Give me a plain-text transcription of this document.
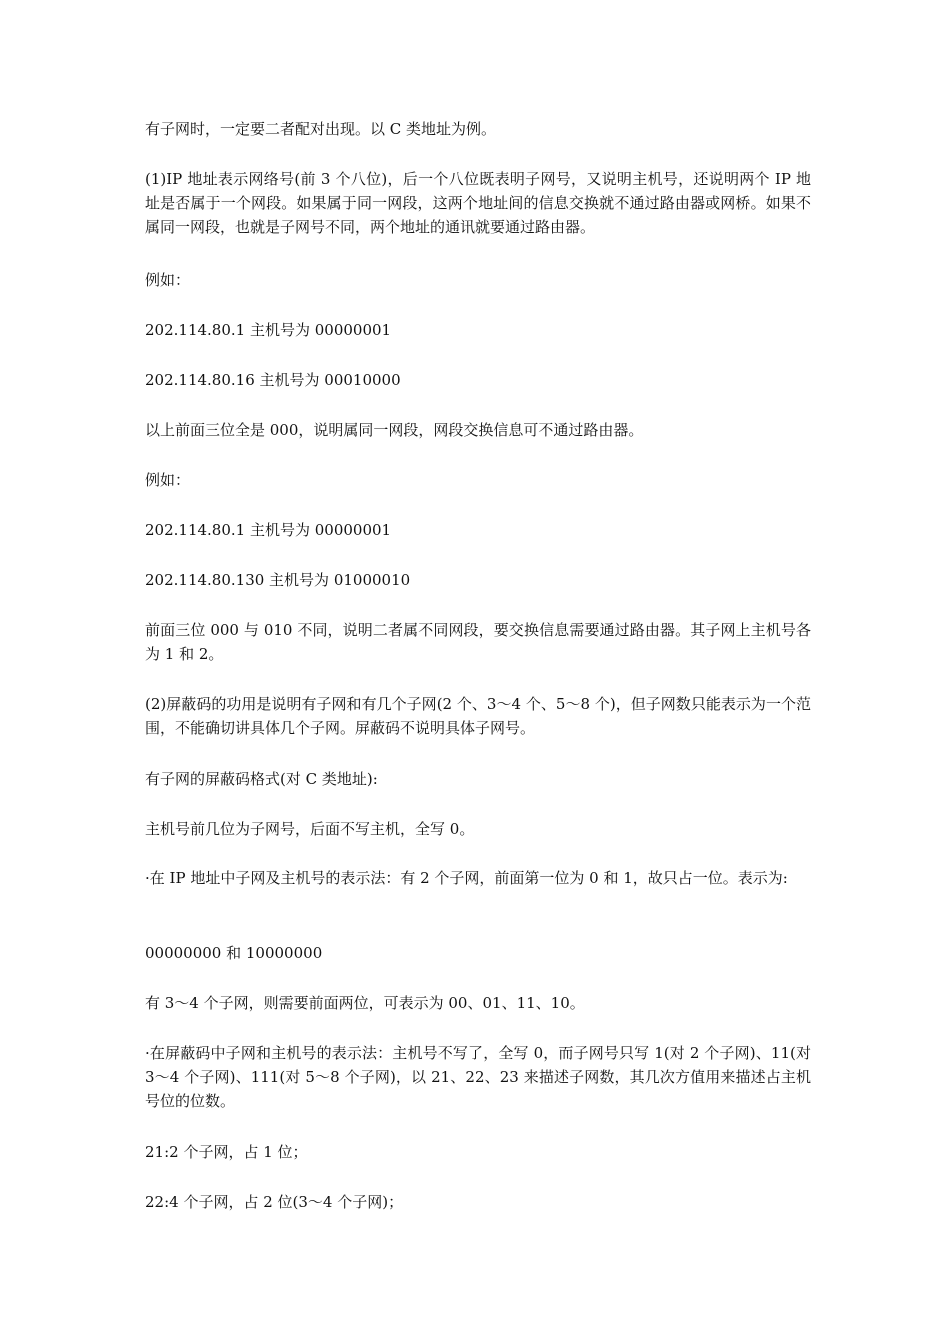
有子网时，一定要二者配对出现。以 C 类地址为例。

(1)IP 地址表示网络号(前 3 个八位)，后一个八位既表明子网号，又说明主机号，还说明两个 IP 地址是否属于一个网段。如果属于同一网段，这两个地址间的信息交换就不通过路由器或网桥。如果不属同一网段，也就是子网号不同，两个地址的通讯就要通过路由器。

例如：

202.114.80.1 主机号为 00000001

202.114.80.16 主机号为 00010000

以上前面三位全是 000，说明属同一网段，网段交换信息可不通过路由器。

例如：

202.114.80.1 主机号为 00000001

202.114.80.130 主机号为 01000010

前面三位 000 与 010 不同，说明二者属不同网段，要交换信息需要通过路由器。其子网上主机号各为 1 和 2。

(2)屏蔽码的功用是说明有子网和有几个子网(2 个、3～4 个、5～8 个)，但子网数只能表示为一个范围，不能确切讲具体几个子网。屏蔽码不说明具体子网号。

有子网的屏蔽码格式(对 C 类地址):

主机号前几位为子网号，后面不写主机，全写 0。

·在 IP 地址中子网及主机号的表示法：有 2 个子网，前面第一位为 0 和 1，故只占一位。表示为:

00000000 和 10000000

有 3～4 个子网，则需要前面两位，可表示为 00、01、11、10。

·在屏蔽码中子网和主机号的表示法：主机号不写了，全写 0，而子网号只写 1(对 2 个子网)、11(对 3～4 个子网)、111(对 5～8 个子网)，以 21、22、23 来描述子网数，其几次方值用来描述占主机号位的位数。

21:2 个子网，占 1 位；

22:4 个子网，占 2 位(3～4 个子网)；
